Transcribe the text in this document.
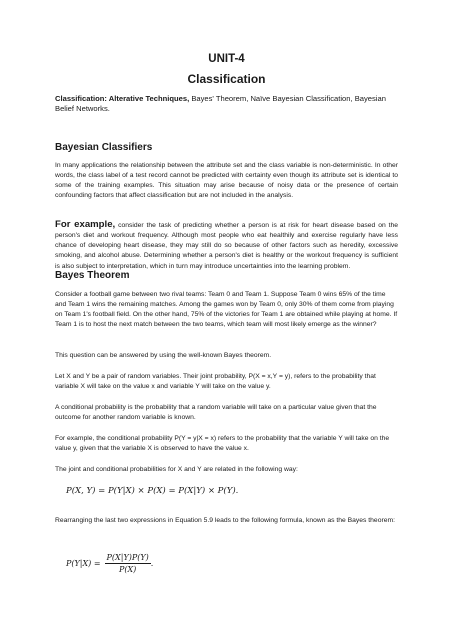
UNIT-4
Classification

Classification: Alterative Techniques, Bayes' Theorem, Naïve Bayesian Classification, Bayesian Belief Networks.

Bayesian Classifiers

In many applications the relationship between the attribute set and the class variable is non-deterministic. In other words, the class label of a test record cannot be predicted with certainty even though its attribute set is identical to some of the training examples. This situation may arise because of noisy data or the presence of certain confounding factors that affect classification but are not included in the analysis.

For example, consider the task of predicting whether a person is at risk for heart disease based on the person's diet and workout frequency. Although most people who eat healthily and exercise regularly have less chance of developing heart disease, they may still do so because of other factors such as heredity, excessive smoking, and alcohol abuse. Determining whether a person's diet is healthy or the workout frequency is sufficient is also subject to interpretation, which in turn may introduce uncertainties into the learning problem.

Bayes Theorem

Consider a football game between two rival teams: Team 0 and Team 1. Suppose Team 0 wins 65% of the time and Team 1 wins the remaining matches. Among the games won by Team 0, only 30% of them come from playing on Team 1's football field. On the other hand, 75% of the victories for Team 1 are obtained while playing at home. If Team 1 is to host the next match between the two teams, which team will most likely emerge as the winner?

This question can be answered by using the well-known Bayes theorem.

Let X and Y be a pair of random variables. Their joint probability, P(X = x,Y = y), refers to the probability that variable X will take on the value x and variable Y will take on the value y.

A conditional probability is the probability that a random variable will take on a particular value given that the outcome for another random variable is known.

For example, the conditional probability P(Y = y|X = x) refers to the probability that the variable Y will take on the value y, given that the variable X is observed to have the value x.

The joint and conditional probabilities for X and Y are related in the following way:

P(X, Y) = P(Y|X) × P(X) = P(X|Y) × P(Y).

Rearranging the last two expressions in Equation 5.9 leads to the following formula, known as the Bayes theorem:

$P(Y|X) = \frac{P(X|Y)P(Y)}{P(X)}$ .
